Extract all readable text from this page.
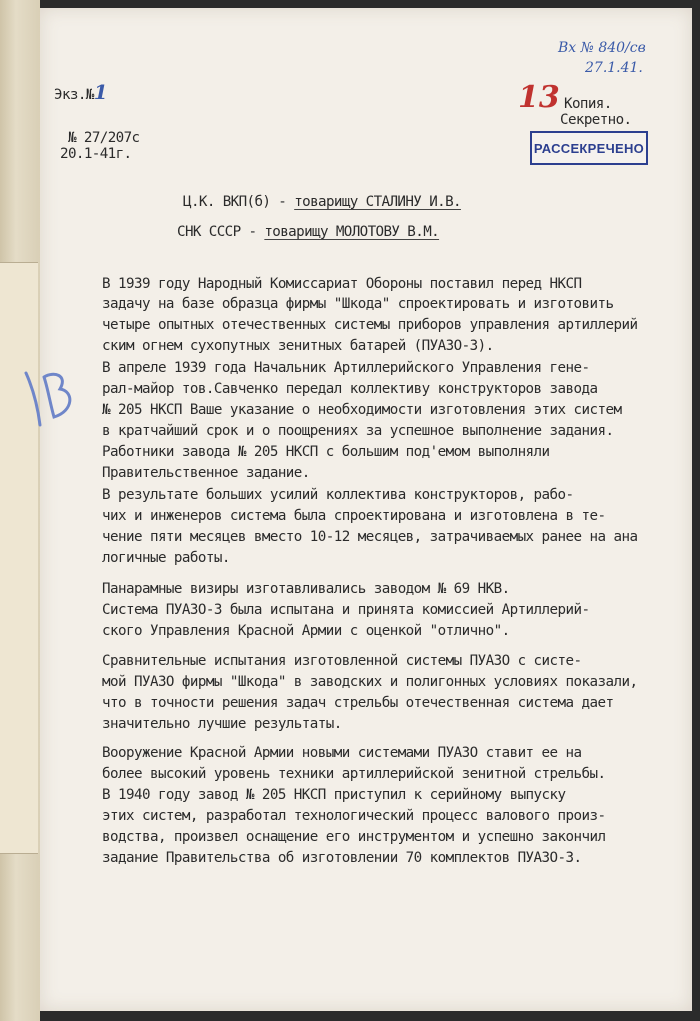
Экз.№1
№ 27/207с
20.1-41г.
Вх № 840/св
27.1.41.
13 Копия.
Секретно.
РАССЕКРЕЧЕНО
Ц.К. ВКП(б) - товарищу СТАЛИНУ И.В.
СНК СССР - товарищу МОЛОТОВУ В.М.
В 1939 году Народный Комиссариат Обороны поставил перед НКСП
задачу на базе образца фирмы "Шкода" спроектировать и изготовить
четыре опытных отечественных системы приборов управления артиллерий
ским огнем сухопутных зенитных батарей (ПУАЗО-3).
В апреле 1939 года Начальник Артиллерийского Управления гене-
рал-майор тов.Савченко передал коллективу конструкторов завода
№ 205 НКСП Ваше указание о необходимости изготовления этих систем
в кратчайший срок и о поощрениях за успешное выполнение задания.
Работники завода № 205 НКСП с большим под'емом выполняли
Правительственное задание.
В результате больших усилий коллектива конструкторов, рабо-
чих и инженеров система была спроектирована и изготовлена в те-
чение пяти месяцев вместо 10-12 месяцев, затрачиваемых ранее на ана
логичные работы.
Панарамные визиры изготавливались заводом № 69 НКВ.
Система ПУАЗО-3 была испытана и принята комиссией Артиллерий-
ского Управления Красной Армии с оценкой "отлично".
Сравнительные испытания изготовленной системы ПУАЗО с систе-
мой ПУАЗО фирмы "Шкода" в заводских и полигонных условиях показали,
что в точности решения задач стрельбы отечественная система дает
значительно лучшие результаты.
Вооружение Красной Армии новыми системами ПУАЗО ставит ее на
более высокий уровень техники артиллерийской зенитной стрельбы.
В 1940 году завод № 205 НКСП приступил к серийному выпуску
этих систем, разработал технологический процесс валового произ-
водства, произвел оснащение его инструментом и успешно закончил
задание Правительства об изготовлении 70 комплектов ПУАЗО-3.
